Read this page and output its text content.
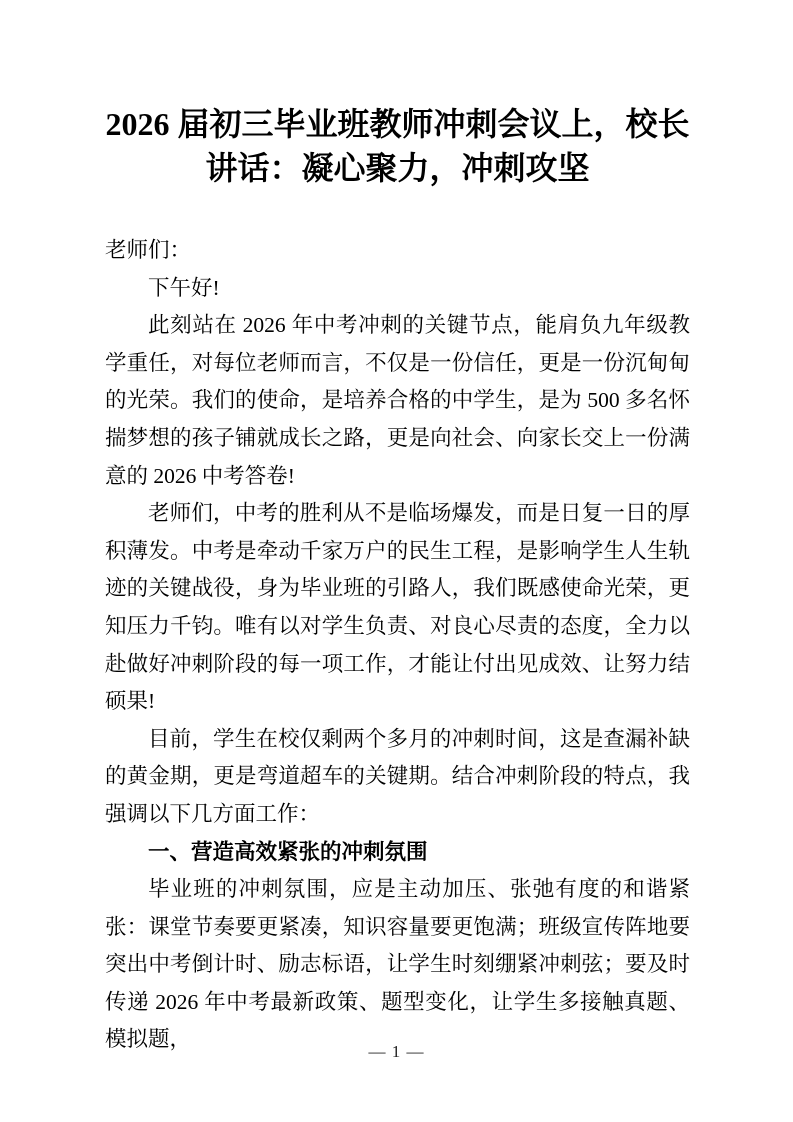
2026 届初三毕业班教师冲刺会议上，校长讲话：凝心聚力，冲刺攻坚

老师们：

下午好!

此刻站在 2026 年中考冲刺的关键节点，能肩负九年级教学重任，对每位老师而言，不仅是一份信任，更是一份沉甸甸的光荣。我们的使命，是培养合格的中学生，是为 500 多名怀揣梦想的孩子铺就成长之路，更是向社会、向家长交上一份满意的 2026 中考答卷!

老师们，中考的胜利从不是临场爆发，而是日复一日的厚积薄发。中考是牵动千家万户的民生工程，是影响学生人生轨迹的关键战役，身为毕业班的引路人，我们既感使命光荣，更知压力千钧。唯有以对学生负责、对良心尽责的态度，全力以赴做好冲刺阶段的每一项工作，才能让付出见成效、让努力结硕果!

目前，学生在校仅剩两个多月的冲刺时间，这是查漏补缺的黄金期，更是弯道超车的关键期。结合冲刺阶段的特点，我强调以下几方面工作：

一、营造高效紧张的冲刺氛围

毕业班的冲刺氛围，应是主动加压、张弛有度的和谐紧张：课堂节奏要更紧凑，知识容量要更饱满；班级宣传阵地要突出中考倒计时、励志标语，让学生时刻绷紧冲刺弦；要及时传递 2026 年中考最新政策、题型变化，让学生多接触真题、模拟题，

— 1 —
